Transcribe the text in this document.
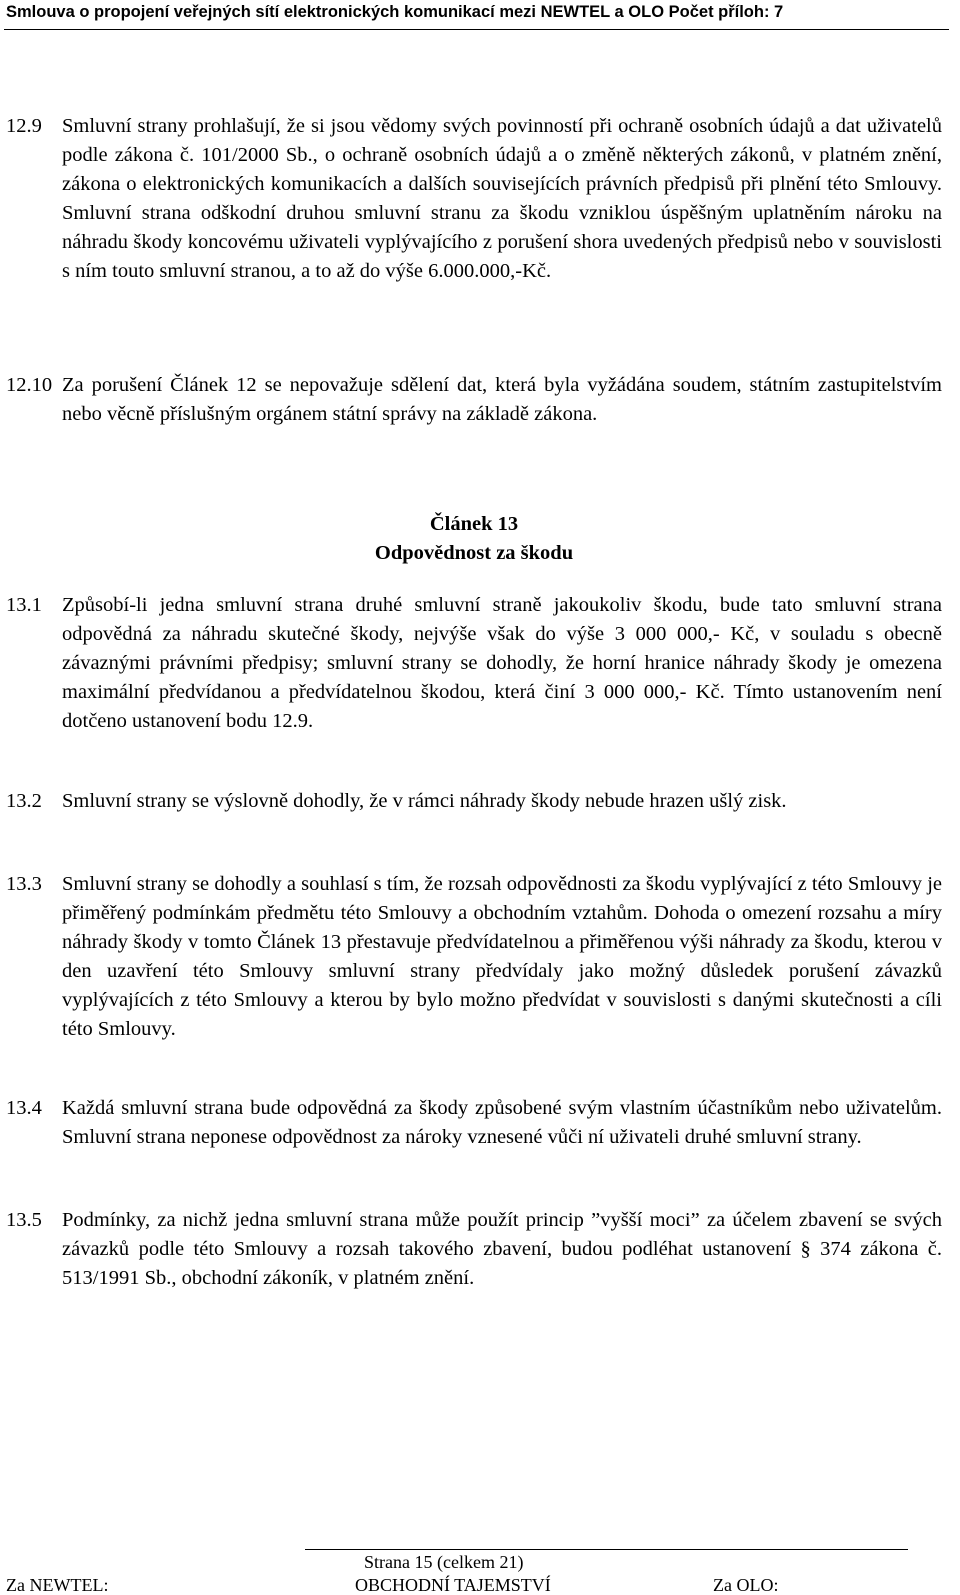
Smlouva o propojení veřejných sítí elektronických komunikací mezi NEWTEL a OLO Počet příloh: 7
12.9 Smluvní strany prohlašují, že si jsou vědomy svých povinností při ochraně osobních údajů a dat uživatelů podle zákona č. 101/2000 Sb., o ochraně osobních údajů a o změně některých zákonů, v platném znění, zákona o elektronických komunikacích a dalších souvisejících právních předpisů při plnění této Smlouvy. Smluvní strana odškodní druhou smluvní stranu za škodu vzniklou úspěšným uplatněním nároku na náhradu škody koncovému uživateli vyplývajícího z porušení shora uvedených předpisů nebo v souvislosti s ním touto smluvní stranou, a to až do výše 6.000.000,-Kč.
12.10 Za porušení Článek 12 se nepovažuje sdělení dat, která byla vyžádána soudem, státním zastupitelstvím nebo věcně příslušným orgánem státní správy na základě zákona.
Článek 13
Odpovědnost za škodu
13.1 Způsobí-li jedna smluvní strana druhé smluvní straně jakoukoliv škodu, bude tato smluvní strana odpovědná za náhradu skutečné škody, nejvýše však do výše 3 000 000,- Kč, v souladu s obecně závaznými právními předpisy; smluvní strany se dohodly, že horní hranice náhrady škody je omezena maximální předvídanou a předvídatelnou škodou, která činí 3 000 000,- Kč. Tímto ustanovením není dotčeno ustanovení bodu 12.9.
13.2 Smluvní strany se výslovně dohodly, že v rámci náhrady škody nebude hrazen ušlý zisk.
13.3 Smluvní strany se dohodly a souhlasí s tím, že rozsah odpovědnosti za škodu vyplývající z této Smlouvy je přiměřený podmínkám předmětu této Smlouvy a obchodním vztahům. Dohoda o omezení rozsahu a míry náhrady škody v tomto Článek 13 přestavuje předvídatelnou a přiměřenou výši náhrady za škodu, kterou v den uzavření této Smlouvy smluvní strany předvídaly jako možný důsledek porušení závazků vyplývajících z této Smlouvy a kterou by bylo možno předvídat v souvislosti s danými skutečnosti a cíli této Smlouvy.
13.4 Každá smluvní strana bude odpovědná za škody způsobené svým vlastním účastníkům nebo uživatelům. Smluvní strana neponese odpovědnost za nároky vznesené vůči ní uživateli druhé smluvní strany.
13.5 Podmínky, za nichž jedna smluvní strana může použít princip ”vyšší moci” za účelem zbavení se svých závazků podle této Smlouvy a rozsah takového zbavení, budou podléhat ustanovení § 374 zákona č. 513/1991 Sb., obchodní zákoník, v platném znění.
Strana 15 (celkem 21)
Za NEWTEL:	OBCHODNÍ TAJEMSTVÍ	Za OLO:
